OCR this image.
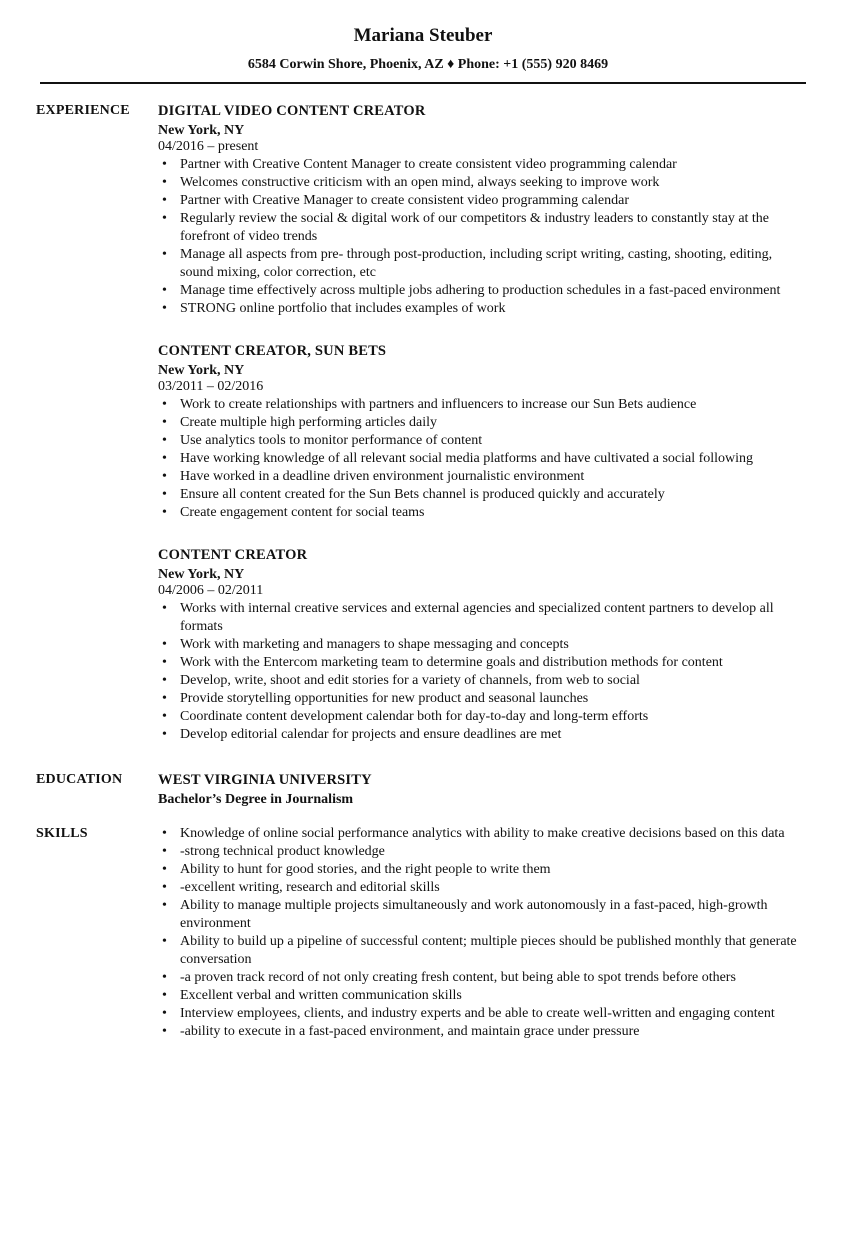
Mariana Steuber
6584 Corwin Shore, Phoenix, AZ ♦ Phone: +1 (555) 920 8469
EXPERIENCE	DIGITAL VIDEO CONTENT CREATOR
New York, NY
04/2016 – present
• Partner with Creative Content Manager to create consistent video programming calendar
• Welcomes constructive criticism with an open mind, always seeking to improve work
• Partner with Creative Manager to create consistent video programming calendar
• Regularly review the social & digital work of our competitors & industry leaders to constantly stay at the forefront of video trends
• Manage all aspects from pre- through post-production, including script writing, casting, shooting, editing, sound mixing, color correction, etc
• Manage time effectively across multiple jobs adhering to production schedules in a fast-paced environment
• STRONG online portfolio that includes examples of work
CONTENT CREATOR, SUN BETS
New York, NY
03/2011 – 02/2016
• Work to create relationships with partners and influencers to increase our Sun Bets audience
• Create multiple high performing articles daily
• Use analytics tools to monitor performance of content
• Have working knowledge of all relevant social media platforms and have cultivated a social following
• Have worked in a deadline driven environment journalistic environment
• Ensure all content created for the Sun Bets channel is produced quickly and accurately
• Create engagement content for social teams
CONTENT CREATOR
New York, NY
04/2006 – 02/2011
• Works with internal creative services and external agencies and specialized content partners to develop all formats
• Work with marketing and managers to shape messaging and concepts
• Work with the Entercom marketing team to determine goals and distribution methods for content
• Develop, write, shoot and edit stories for a variety of channels, from web to social
• Provide storytelling opportunities for new product and seasonal launches
• Coordinate content development calendar both for day-to-day and long-term efforts
• Develop editorial calendar for projects and ensure deadlines are met
EDUCATION	WEST VIRGINIA UNIVERSITY
Bachelor’s Degree in Journalism
SKILLS
•	Knowledge of online social performance analytics with ability to make creative decisions based on this data
• -strong technical product knowledge
• Ability to hunt for good stories, and the right people to write them
• -excellent writing, research and editorial skills
• Ability to manage multiple projects simultaneously and work autonomously in a fast-paced, high-growth environment
• Ability to build up a pipeline of successful content; multiple pieces should be published monthly that generate conversation
• -a proven track record of not only creating fresh content, but being able to spot trends before others
• Excellent verbal and written communication skills
• Interview employees, clients, and industry experts and be able to create well-written and engaging content
• -ability to execute in a fast-paced environment, and maintain grace under pressure
